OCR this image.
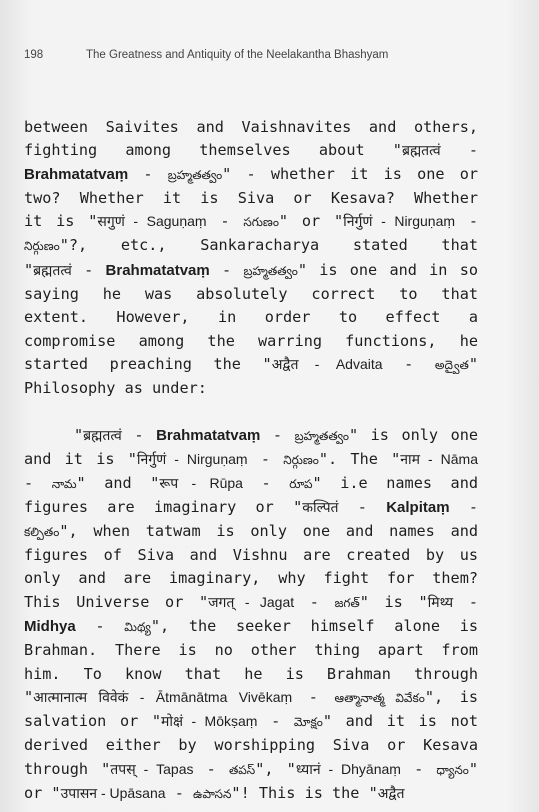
198	The Greatness and Antiquity of the Neelakantha Bhashyam

between Saivites and Vaishnavites and others,

fighting among themselves about "ब्रह्मतत्वं -

Brahmatatvaṃ - బ్రహ్మతత్వం" - whether it is one or

two? Whether it is Siva or Kesava? Whether

it is "सगुणं - Saguṇaṃ - సగుణం" or "निर्गुणं - Nirguṇaṃ -

నిర్గుణం"?, etc., Sankaracharya stated that

"ब्रह्मतत्वं - Brahmatatvaṃ - బ్రహ్మతత్వం" is one and in so

saying he was absolutely correct to that

extent. However, in order to effect a

compromise among the warring functions, he

started preaching the "अद्वैत - Advaita - అద్వైత"

Philosophy as under:

"ब्रह्मतत्वं - Brahmatatvaṃ - బ్రహ్మతత్వం" is only one

and it is "निर्गुणं - Nirguṇaṃ - నిర్గుణం". The "नाम - Nāma

- నామ" and "रूप - Rūpa - రూప" i.e names and

figures are imaginary or "कल्पितं - Kalpitaṃ -

కల్పితం", when tatwam is only one and names and

figures of Siva and Vishnu are created by us

only and are imaginary, why fight for them?

This Universe or "जगत् - Jagat - జగత్" is "मिथ्य -

Midhya - మిథ్య", the seeker himself alone is

Brahman. There is no other thing apart from

him. To know that he is Brahman through

"आत्मानात्म विवेकं - Ātmānātma Vivēkaṃ - ఆత్మానాత్మ వివేకం", is

salvation or "मोक्षं - Mōkṣaṃ - మోక్షం" and it is not

derived either by worshipping Siva or Kesava

through "तपस् - Tapas - తపస్", "ध्यानं - Dhyānaṃ - ధ్యానం"

or "उपासन - Upāsana - ఉపాసన"! This is the "अद्वैत
